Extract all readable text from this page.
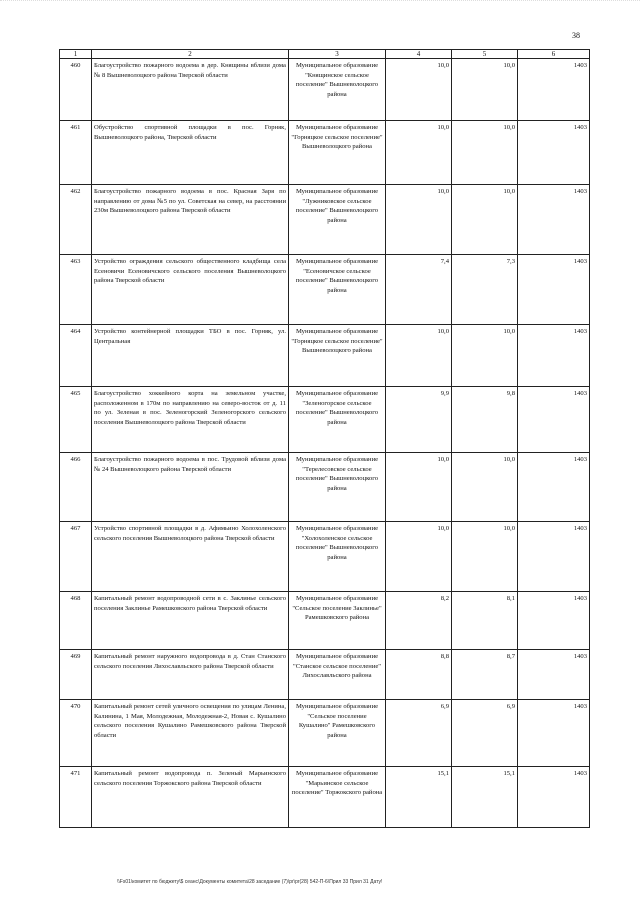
38
1	2	3	4	5	6
460	Благоустройство пожарного водоема в дер. Княщины вблизи дома № 8 Вышневолоцкого района Тверской области	Муниципальное образование "Княщинское сельское поселение" Вышневолоцкого района	10,0	10,0	1403
461	Обустройство спортивной площадки в пос. Горняк, Вышневолоцкого района, Тверской области	Муниципальное образование "Горняцкое сельское поселение" Вышневолоцкого района	10,0	10,0	1403
462	Благоустройство пожарного водоема в пос. Красная Заря по направлению от дома №5 по ул. Советская на север, на расстоянии 230м Вышневолоцкого района Тверской области	Муниципальное образование "Лужниковское сельское поселение" Вышневолоцкого района	10,0	10,0	1403
463	Устройство ограждения сельского общественного кладбища села Есеновичи Есеновичского сельского поселения Вышневолоцкого района Тверской области	Муниципальное образование "Есеновичское сельское поселение" Вышневолоцкого района	7,4	7,3	1403
464	Устройство контейнерной площадки ТБО в пос. Горняк, ул. Центральная	Муниципальное образование "Горняцкое сельское поселение" Вышневолоцкого района	10,0	10,0	1403
465	Благоустройство хоккейного корта на земельном участке, расположенном в 170м по направлению на северо-восток от д. 11 по ул. Зеленая в пос. Зеленогорский Зеленогорского сельского поселения Вышневолоцкого района Тверской области	Муниципальное образование "Зеленогорское сельское поселение" Вышневолоцкого района	9,9	9,8	1403
466	Благоустройство пожарного водоема в пос. Трудовой вблизи дома № 24 Вышневолоцкого района Тверской области	Муниципальное образование "Терелесовское сельское поселение" Вышневолоцкого района	10,0	10,0	1403
467	Устройство спортивной площадки в д. Афимьино Холохоленского сельского поселения Вышневолоцкого района Тверской области	Муниципальное образование "Холохоленское сельское поселение" Вышневолоцкого района	10,0	10,0	1403
468	Капитальный ремонт водопроводной сети в с. Заклинье сельского поселения Заклинье Рамешковского района Тверской области	Муниципальное образование "Сельское поселение Заклинье" Рамешковского района	8,2	8,1	1403
469	Капитальный ремонт наружного водопровода в д. Стан Станского сельского поселения Лихославльского района Тверской области	Муниципальное образование "Станское сельское поселение" Лихославльского района	8,8	8,7	1403
470	Капитальный ремонт сетей уличного освещения по улицам Ленина, Калинина, 1 Мая, Молодежная, Молодежная-2, Новая с. Кушалино сельского поселения Кушалино Рамешковского района Тверской области	Муниципальное образование "Сельское поселение Кушалино" Рамешковского района	6,9	6,9	1403
471	Капитальный ремонт водопровода п. Зеленый Марьинского сельского поселения Торжокского района Тверской области	Муниципальное образование "Марьинское сельское поселение" Торжокского района	15,1	15,1	1403
\\Fs01\комитет по бюджету\$ сеанс\Документы комитета\28 заседание (7)\pr\pr(28) 542-П-6\Прил 33 Прил 31 Дату!
